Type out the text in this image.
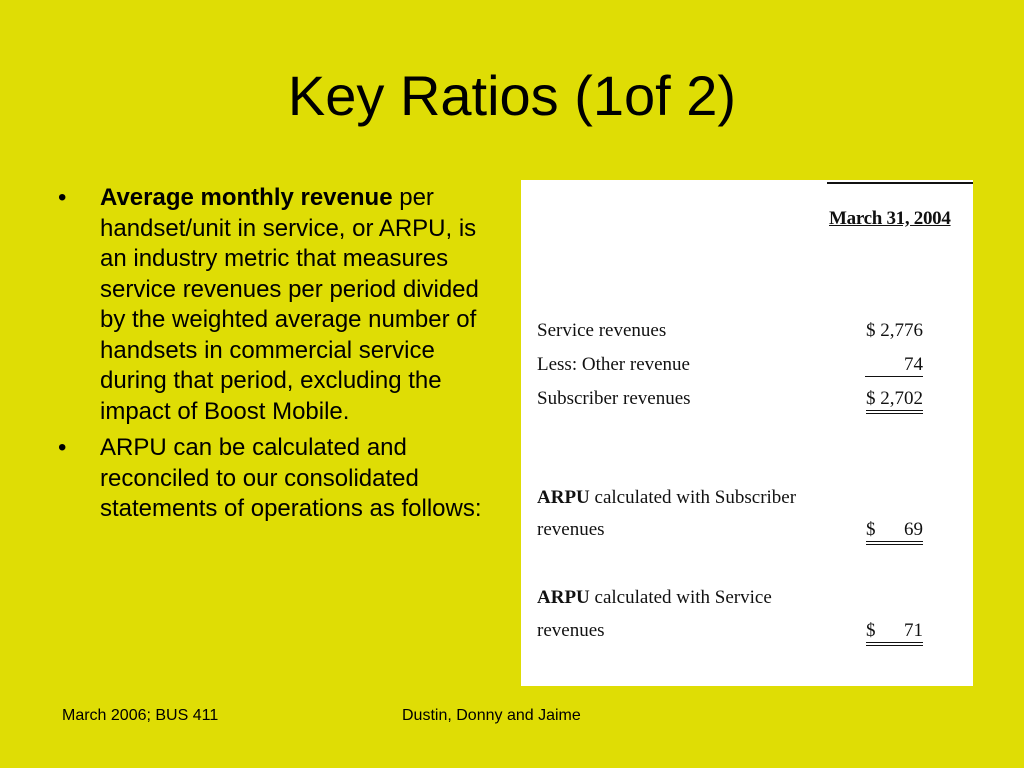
Key Ratios (1of 2)
• Average monthly revenue per handset/unit in service, or ARPU, is an industry metric that measures service revenues per period divided by the weighted average number of handsets in commercial service during that period, excluding the impact of Boost Mobile.
• ARPU can be calculated and reconciled to our consolidated statements of operations as follows:
March 31, 2004
Service revenues	$ 2,776
Less: Other revenue	74
Subscriber revenues	$ 2,702
ARPU calculated with Subscriber
revenues	$      69
ARPU calculated with Service
revenues	$      71
March 2006; BUS 411	Dustin, Donny and Jaime
